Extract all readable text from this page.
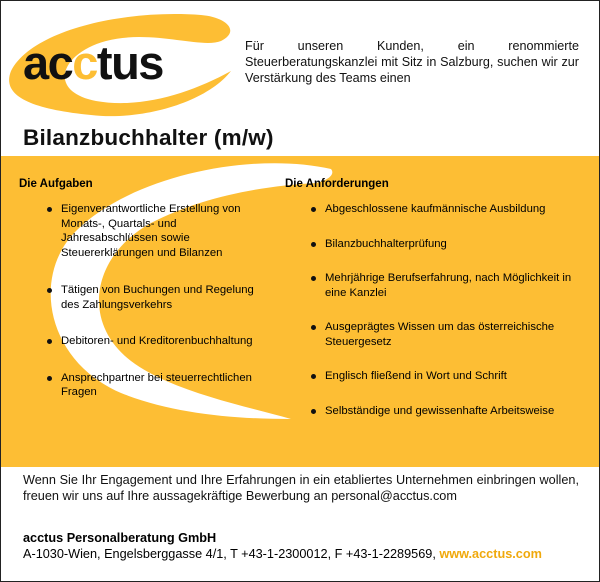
acctus	Für unseren Kunden, ein renommierte Steuerberatungskanzlei mit Sitz in Salzburg, suchen wir zur Verstärkung des Teams einen
Bilanzbuchhalter (m/w)
Die Aufgaben
Eigenverantwortliche Erstellung von Monats-, Quartals- und Jahresabschlüssen sowie Steuererklärungen und Bilanzen
Tätigen von Buchungen und Regelung des Zahlungsverkehrs
Debitoren- und Kreditorenbuchhaltung
Ansprechpartner bei steuerrechtlichen Fragen
Die Anforderungen
Abgeschlossene kaufmännische Ausbildung
Bilanzbuchhalterprüfung
Mehrjährige Berufserfahrung, nach Möglichkeit in eine Kanzlei
Ausgeprägtes Wissen um das österreichische Steuergesetz
Englisch fließend in Wort und Schrift
Selbständige und gewissenhafte Arbeitsweise
Wenn Sie Ihr Engagement und Ihre Erfahrungen in ein etabliertes Unternehmen einbringen wollen, freuen wir uns auf Ihre aussagekräftige Bewerbung an personal@acctus.com
acctus Personalberatung GmbH
A-1030-Wien, Engelsberggasse 4/1, T +43-1-2300012, F +43-1-2289569, www.acctus.com
